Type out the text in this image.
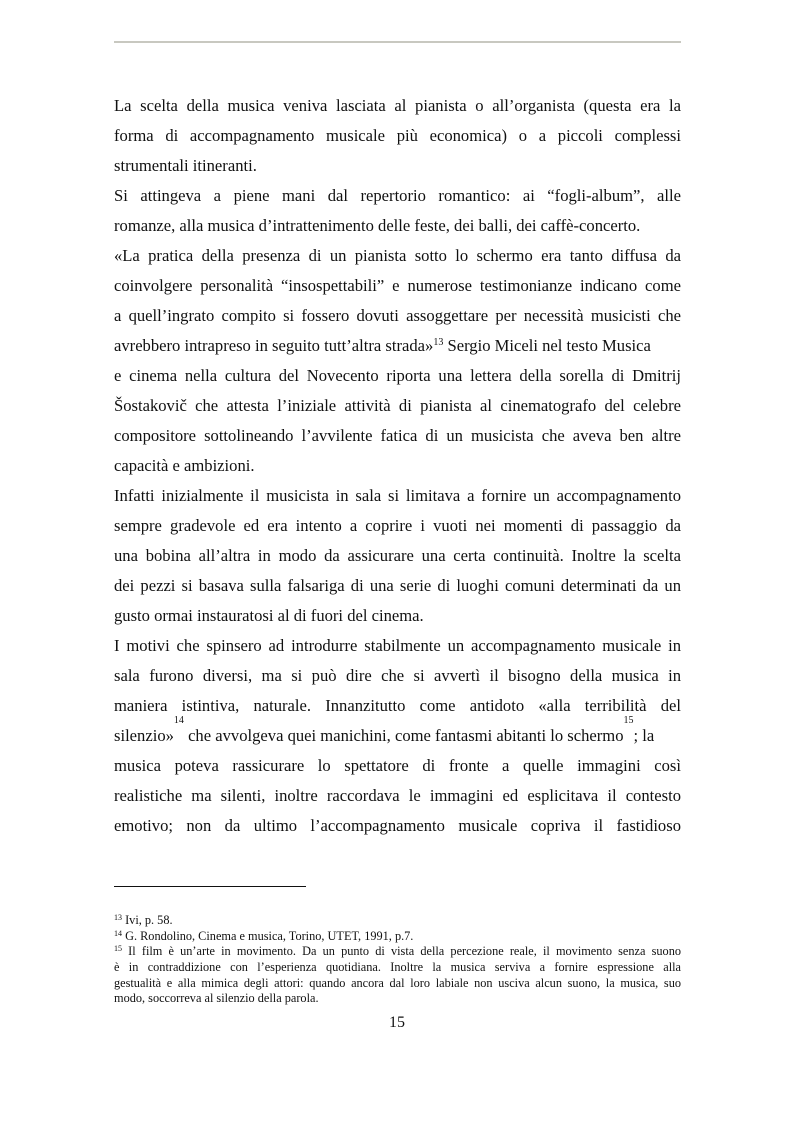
La scelta della musica veniva lasciata al pianista o all’organista (questa era la
forma di accompagnamento musicale più economica) o a piccoli complessi
strumentali itineranti.
Si attingeva a piene mani dal repertorio romantico: ai “fogli-album”, alle
romanze, alla musica d’intrattenimento delle feste, dei balli, dei caffè-concerto.
«La pratica della presenza di un pianista sotto lo schermo era tanto diffusa da
coinvolgere personalità “insospettabili” e numerose testimonianze indicano come
a quell’ingrato compito si fossero dovuti assoggettare per necessità musicisti che
avrebbero intrapreso in seguito tutt’altra strada»$^{13}$ Sergio Miceli nel testo Musica
e cinema nella cultura del Novecento riporta una lettera della sorella di Dmitrij
Šostakovič che attesta l’iniziale attività di pianista al cinematografo del celebre
compositore sottolineando l’avvilente fatica di un musicista che aveva ben altre
capacità e ambizioni.
Infatti inizialmente il musicista in sala si limitava a fornire un accompagnamento
sempre gradevole ed era intento a coprire i vuoti nei momenti di passaggio da
una bobina all’altra in modo da assicurare una certa continuità. Inoltre la scelta
dei pezzi si basava sulla falsariga di una serie di luoghi comuni determinati da un
gusto ormai instauratosi al di fuori del cinema.
I motivi che spinsero ad introdurre stabilmente un accompagnamento musicale in
sala furono diversi, ma si può dire che si avvertì il bisogno della musica in
maniera istintiva, naturale. Innanzitutto come antidoto «alla terribilità del
silenzio»
14
che avvolgeva quei manichini, come fantasmi abitanti lo schermo
15
; la
musica poteva rassicurare lo spettatore di fronte a quelle immagini così
realistiche ma silenti, inoltre raccordava le immagini ed esplicitava il contesto
emotivo; non da ultimo l’accompagnamento musicale copriva il fastidioso
$^{13}$ Ivi, p. 58.
$^{14}$ G. Rondolino, Cinema e musica, Torino, UTET, 1991, p.7.
$^{15}$ Il film è un’arte in movimento. Da un punto di vista della percezione reale, il movimento senza suono
è in contraddizione con l’esperienza quotidiana. Inoltre la musica serviva a fornire espressione alla
gestualità e alla mimica degli attori: quando ancora dal loro labiale non usciva alcun suono, la musica, suo
modo, soccorreva al silenzio della parola.
15
